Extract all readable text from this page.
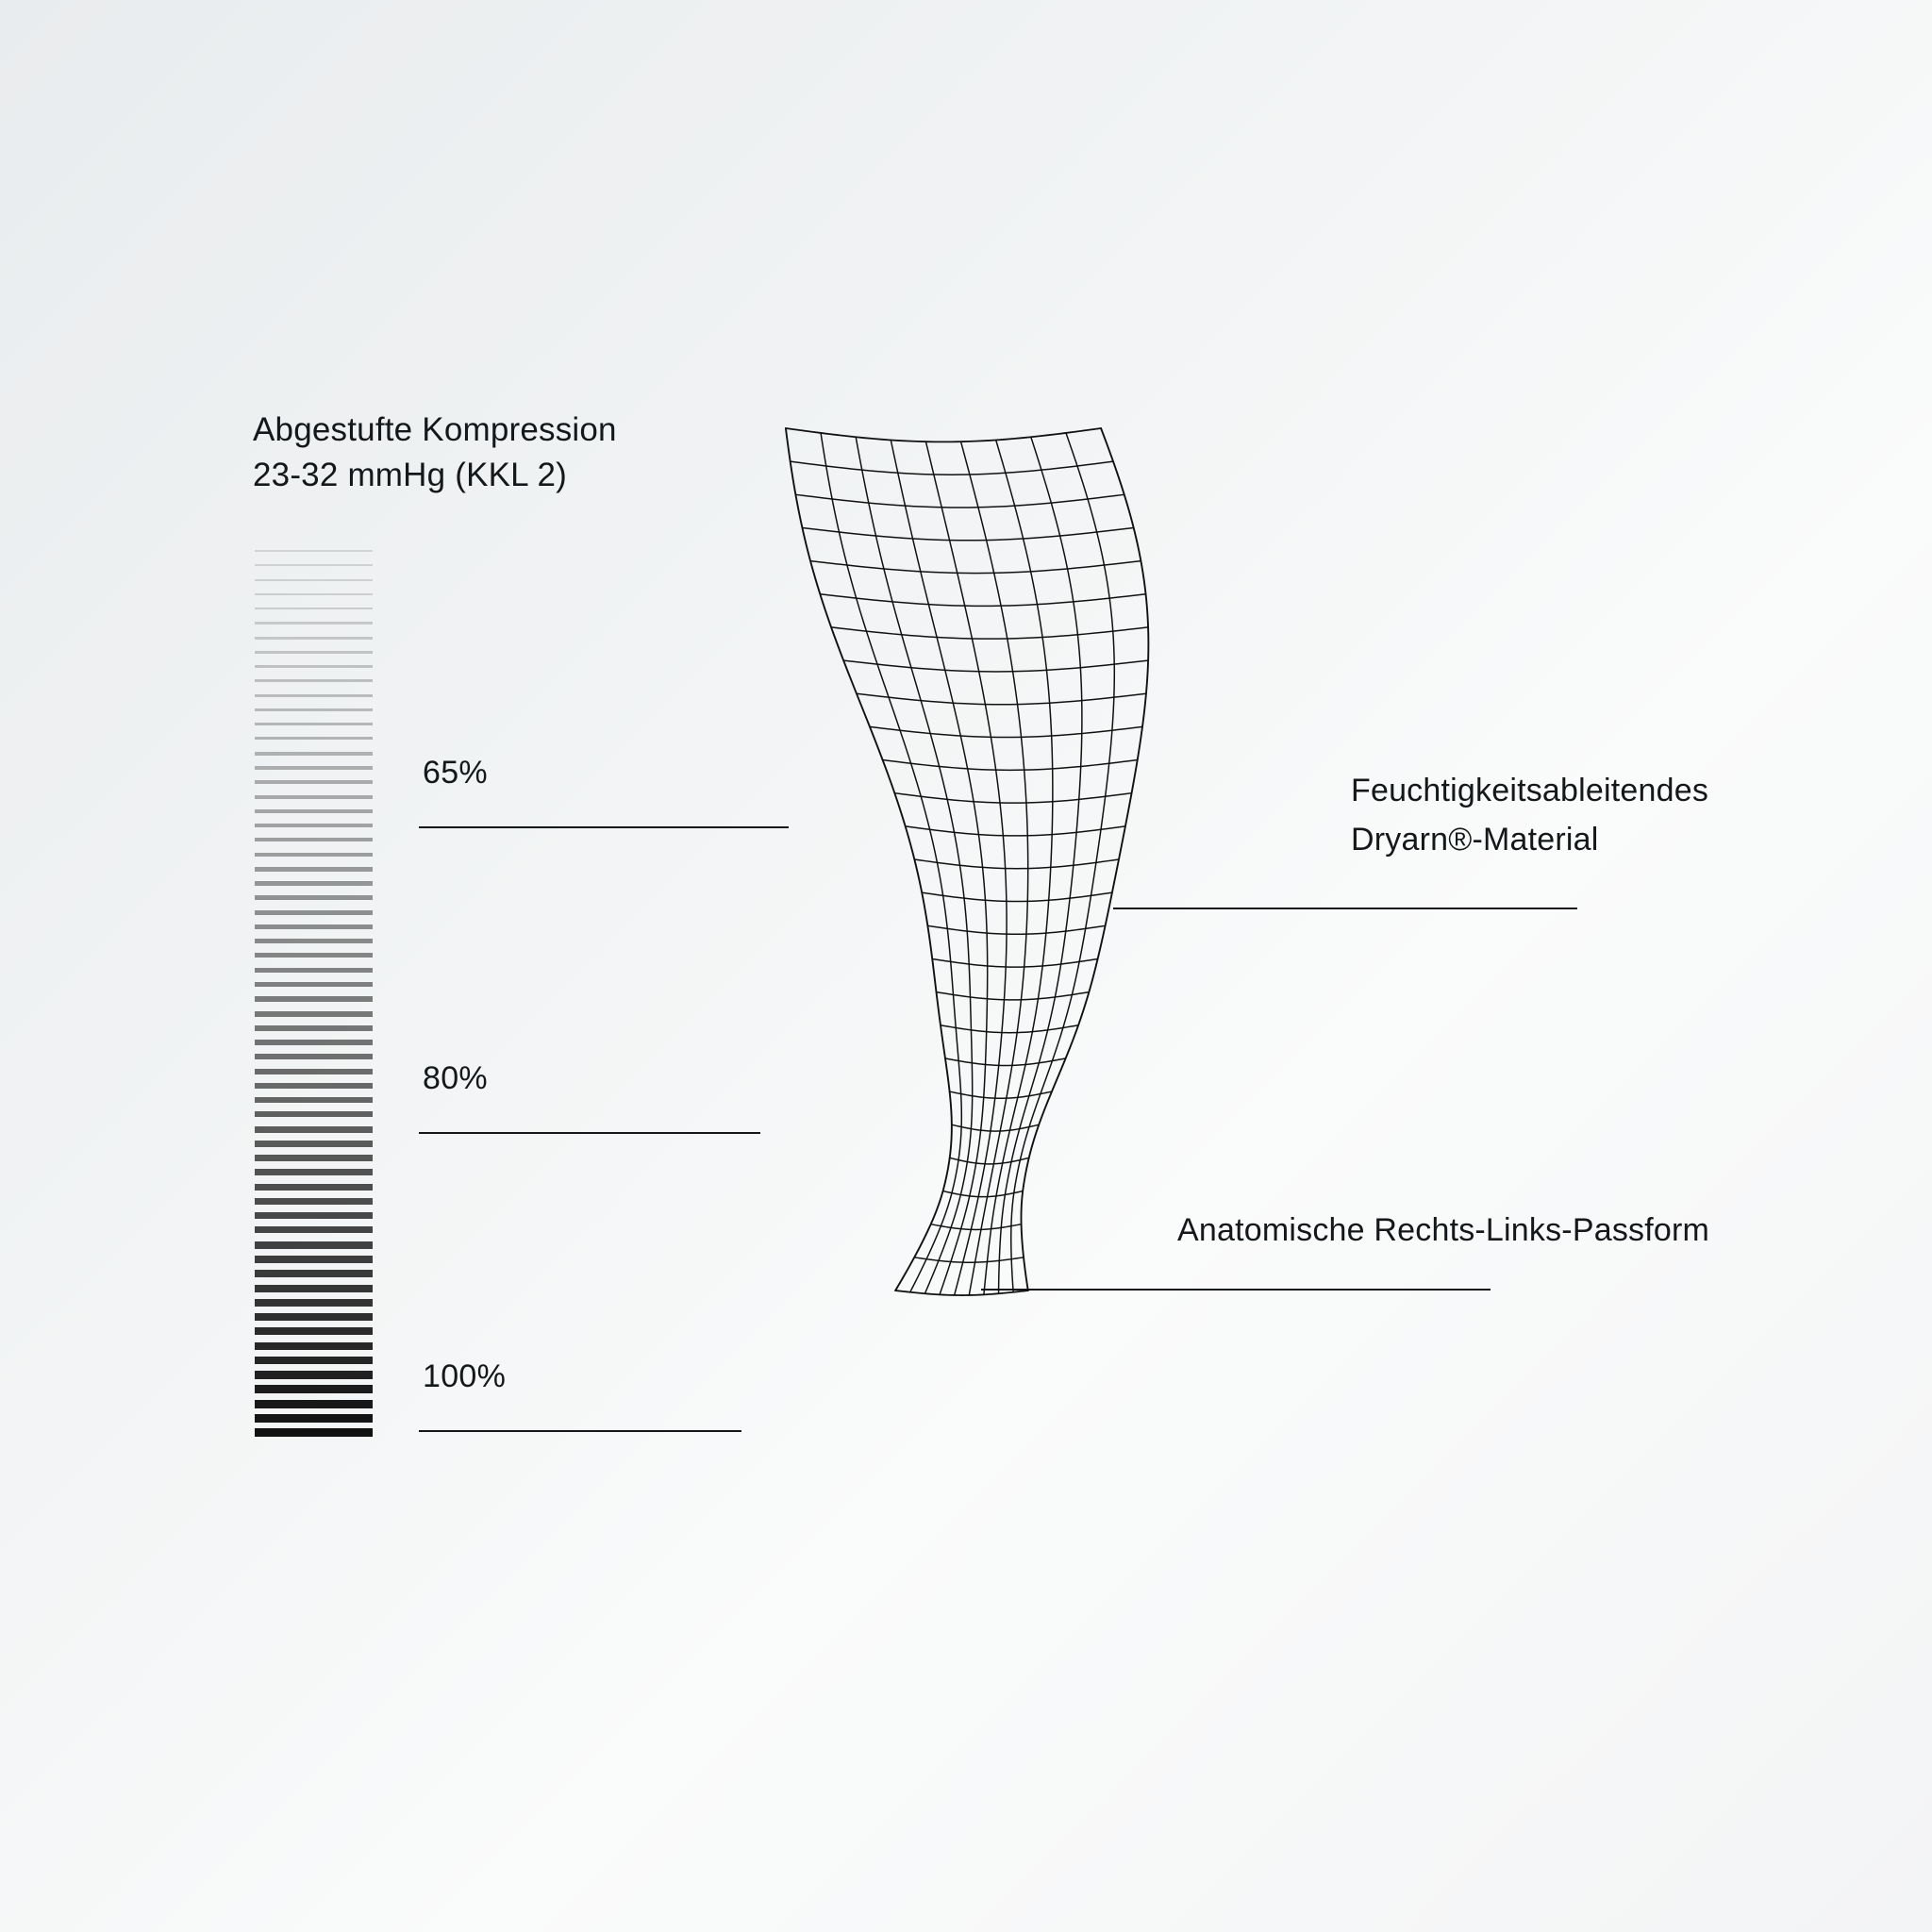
Abgestufte Kompression
23-32 mmHg (KKL 2)
65%
80%
100%
Feuchtigkeitsableitendes
Dryarn®-Material
Anatomische Rechts-Links-Passform
